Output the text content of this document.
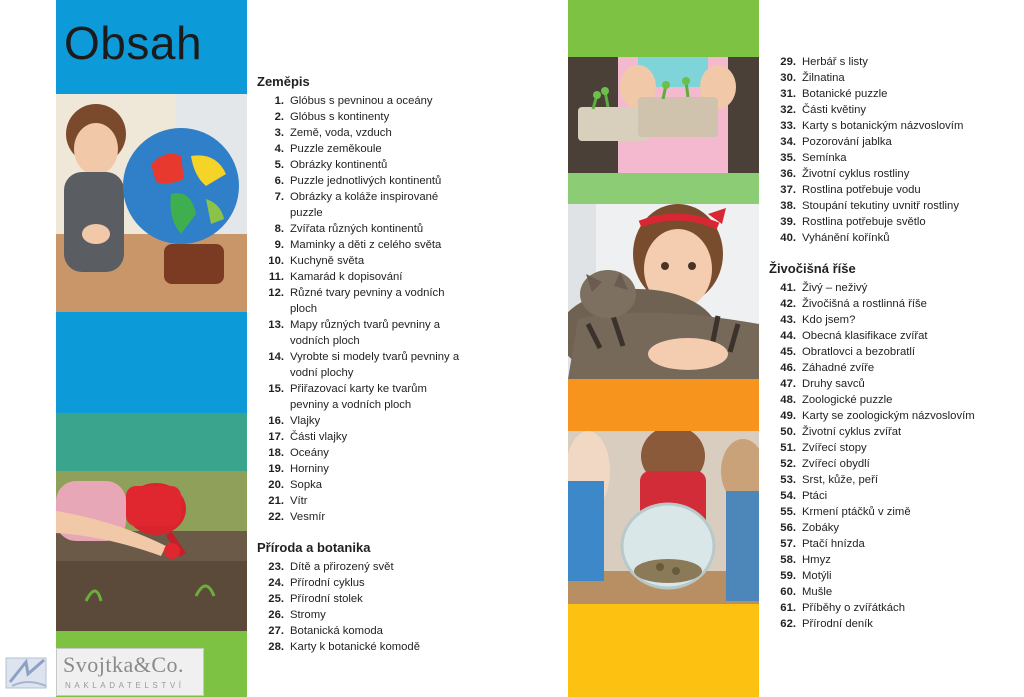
Obsah
Zeměpis
1. Glóbus s pevninou a oceány
2. Glóbus s kontinenty
3. Země, voda, vzduch
4. Puzzle zeměkoule
5. Obrázky kontinentů
6. Puzzle jednotlivých kontinentů
7. Obrázky a koláže inspirované puzzle
8. Zvířata různých kontinentů
9. Maminky a děti z celého světa
10. Kuchyně světa
11. Kamarád k dopisování
12. Různé tvary pevniny a vodních ploch
13. Mapy různých tvarů pevniny a vodních ploch
14. Vyrobte si modely tvarů pevniny a vodní plochy
15. Přiřazovací karty ke tvarům pevniny a vodních ploch
16. Vlajky
17. Části vlajky
18. Oceány
19. Horniny
20. Sopka
21. Vítr
22. Vesmír
Příroda a botanika
23. Dítě a přirozený svět
24. Přírodní cyklus
25. Přírodní stolek
26. Stromy
27. Botanická komoda
28. Karty k botanické komodě
29. Herbář s listy
30. Žilnatina
31. Botanické puzzle
32. Části květiny
33. Karty s botanickým názvoslovím
34. Pozorování jablka
35. Semínka
36. Životní cyklus rostliny
37. Rostlina potřebuje vodu
38. Stoupání tekutiny uvnitř rostliny
39. Rostlina potřebuje světlo
40. Vyhánění kořínků
Živočišná říše
41. Živý – neživý
42. Živočišná a rostlinná říše
43. Kdo jsem?
44. Obecná klasifikace zvířat
45. Obratlovci a bezobratlí
46. Záhadné zvíře
47. Druhy savců
48. Zoologické puzzle
49. Karty se zoologickým názvoslovím
50. Životní cyklus zvířat
51. Zvířecí stopy
52. Zvířecí obydlí
53. Srst, kůže, peří
54. Ptáci
55. Krmení ptáčků v zimě
56. Zobáky
57. Ptačí hnízda
58. Hmyz
59. Motýli
60. Mušle
61. Příběhy o zvířátkách
62. Přírodní deník
Svojtka&Co.
NAKLADATELSTVÍ
